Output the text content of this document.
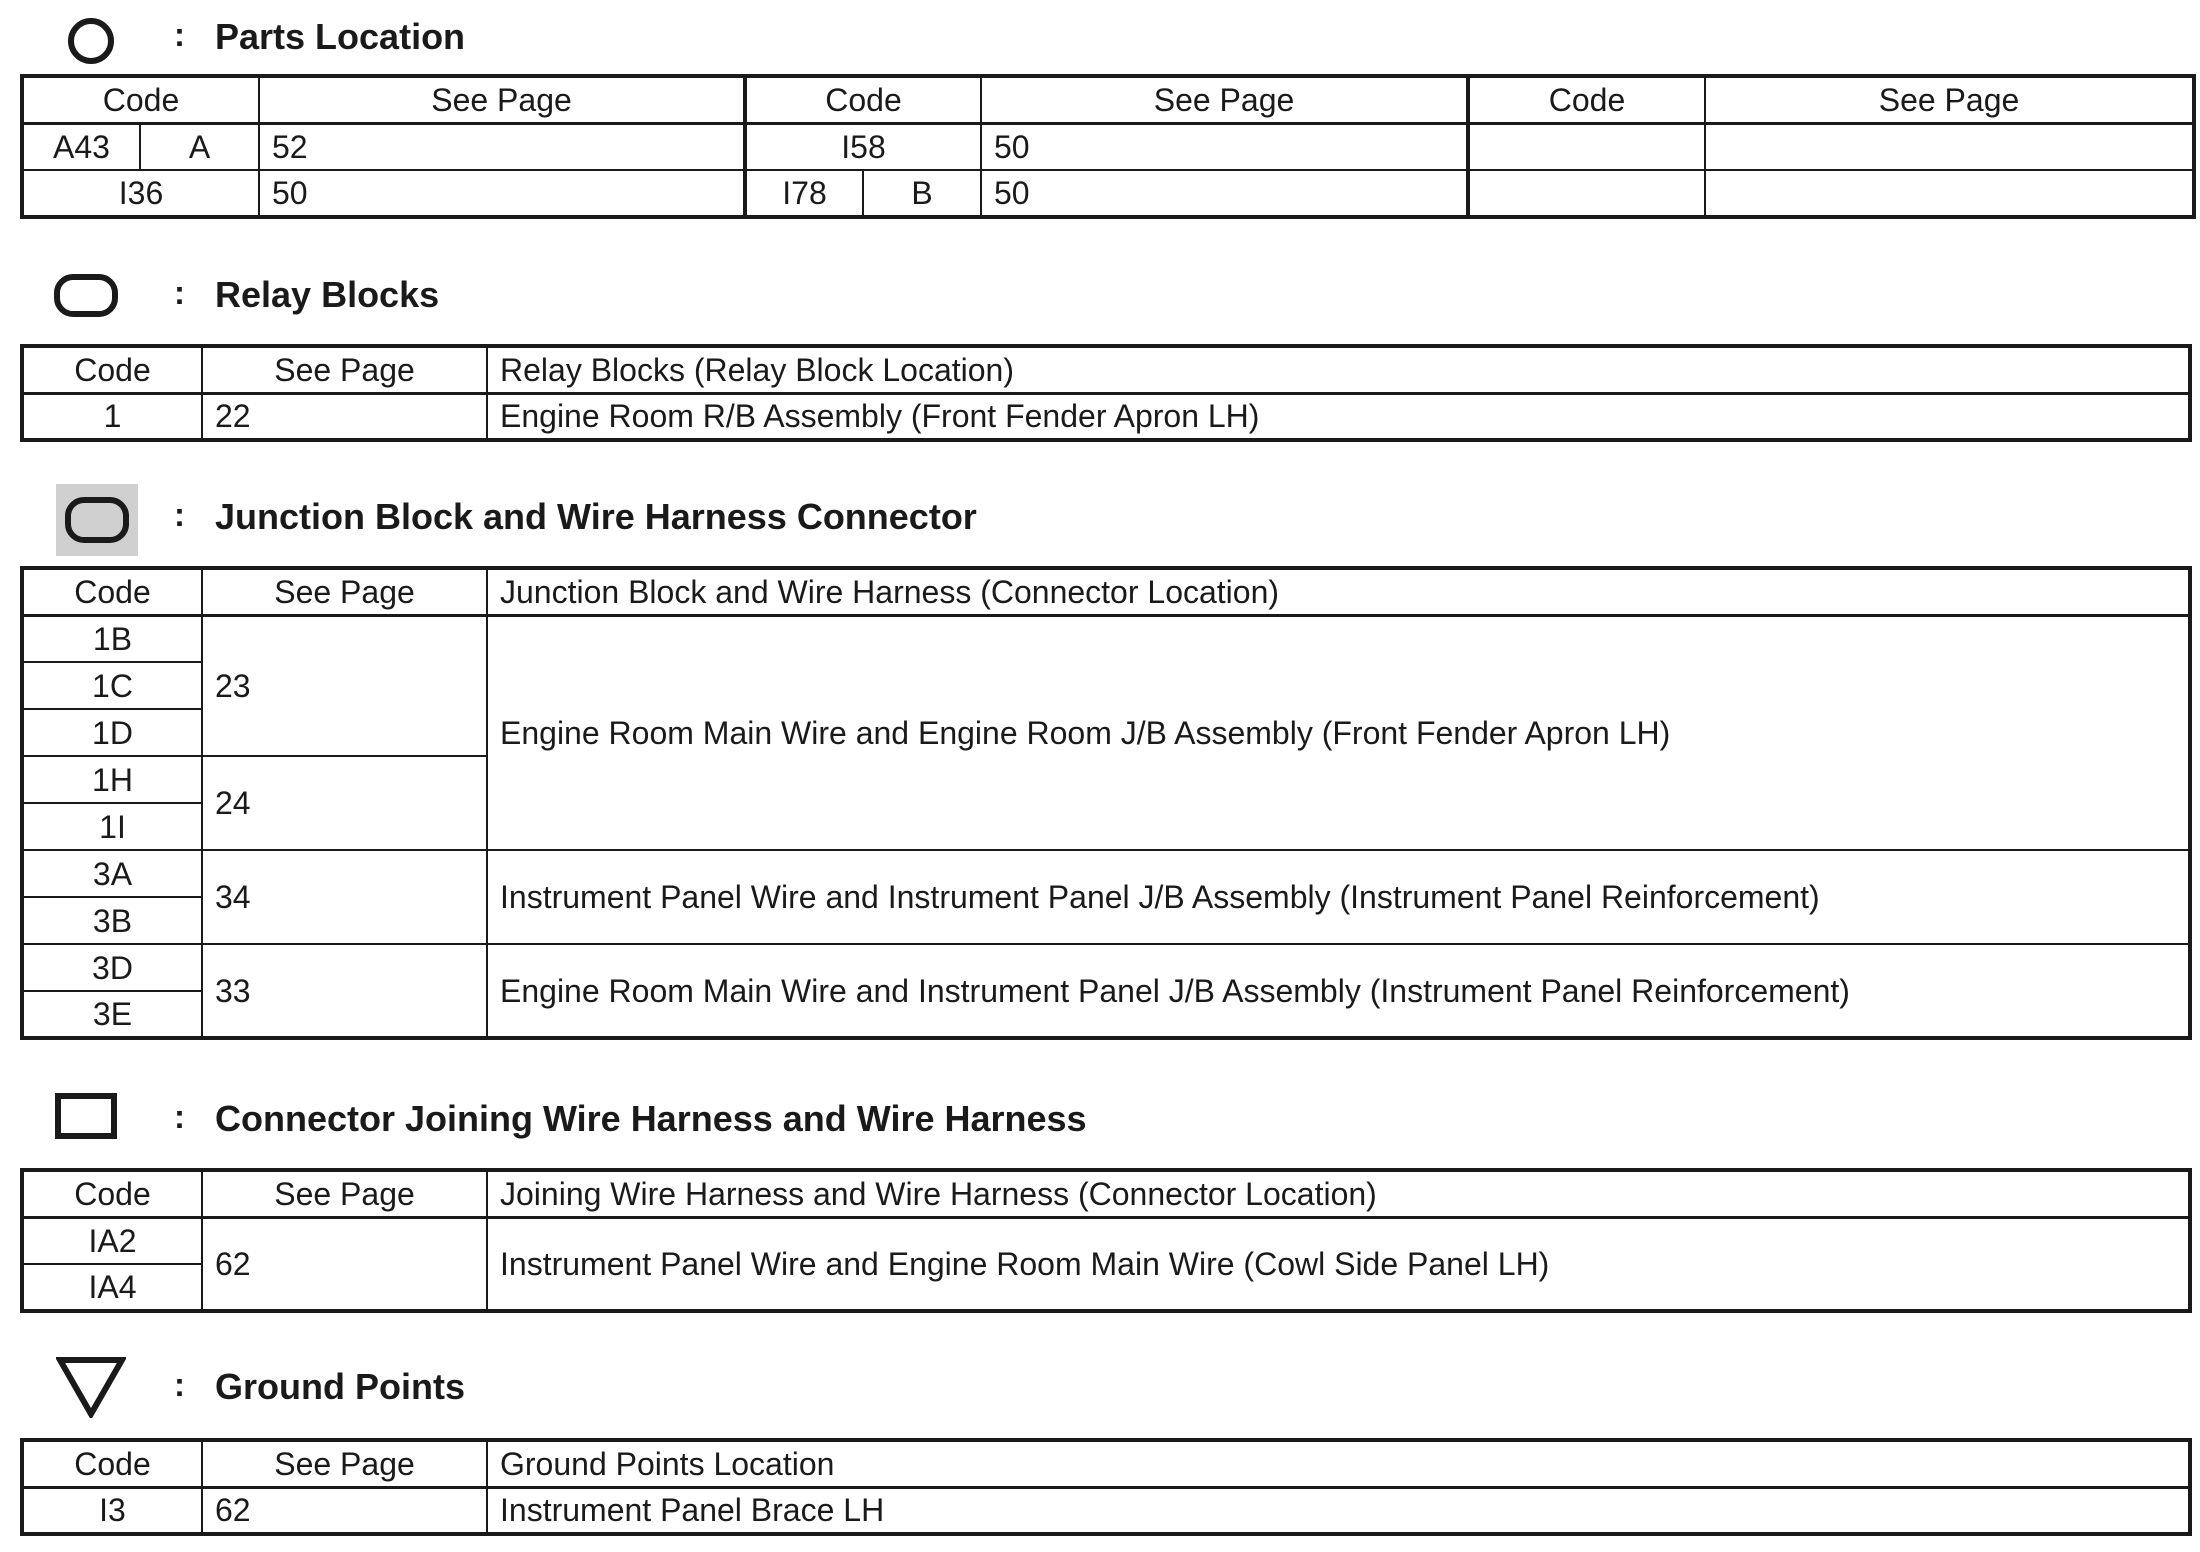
: Parts Location
Code		See Page	Code		See Page	Code	See Page
A43	A	52	I58		50		
I36		50	I78	B	50		
: Relay Blocks
Code	See Page	Relay Blocks (Relay Block Location)
1	22	Engine Room R/B Assembly (Front Fender Apron LH)
: Junction Block and Wire Harness Connector
Code	See Page	Junction Block and Wire Harness (Connector Location)
1B	23	Engine Room Main Wire and Engine Room J/B Assembly (Front Fender Apron LH)
1C		
1D		
1H	24	
1I		
3A	34	Instrument Panel Wire and Instrument Panel J/B Assembly (Instrument Panel Reinforcement)
3B		
3D	33	Engine Room Main Wire and Instrument Panel J/B Assembly (Instrument Panel Reinforcement)
3E		
: Connector Joining Wire Harness and Wire Harness
Code	See Page	Joining Wire Harness and Wire Harness (Connector Location)
IA2	62	Instrument Panel Wire and Engine Room Main Wire (Cowl Side Panel LH)
IA4		
: Ground Points
Code	See Page	Ground Points Location
I3	62	Instrument Panel Brace LH
